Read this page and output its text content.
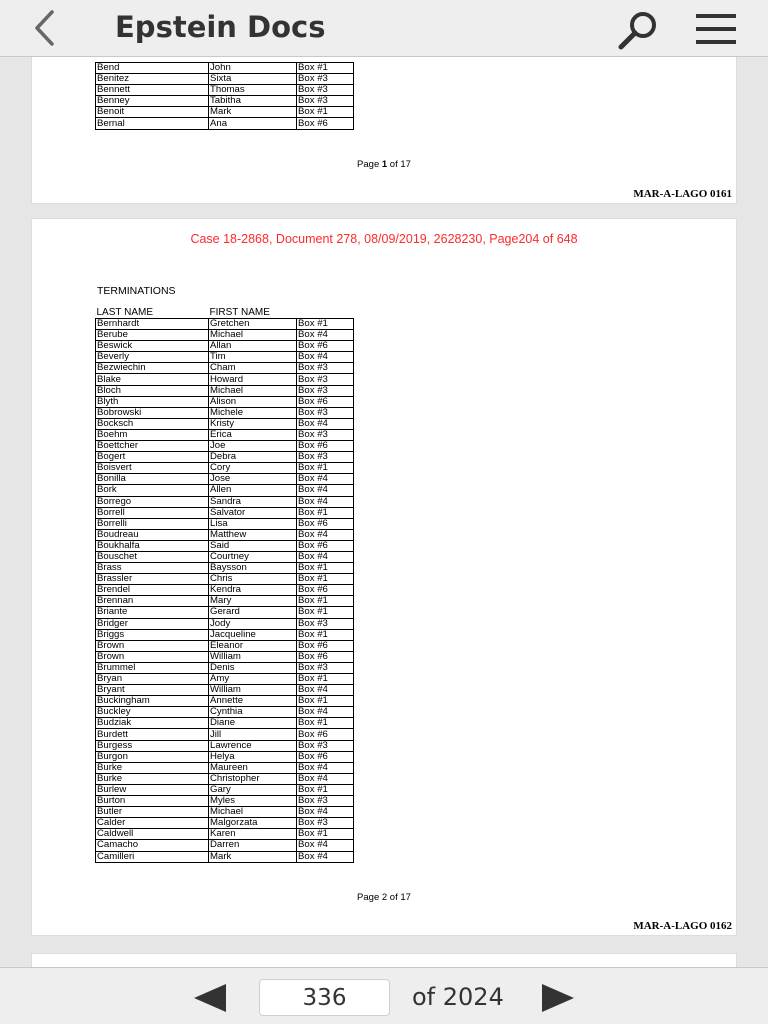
Epstein Docs
Bend	John	Box #1
Benitez	Sixta	Box #3
Bennett	Thomas	Box #3
Benney	Tabitha	Box #3
Benoit	Mark	Box #1
Bernal	Ana	Box #6
Page 1 of 17
MAR-A-LAGO 0161
Case 18-2868, Document 278, 08/09/2019, 2628230, Page204 of 648
TERMINATIONS
LAST NAME	FIRST NAME	
Bernhardt	Gretchen	Box #1
Berube	Michael	Box #4
Beswick	Allan	Box #6
Beverly	Tim	Box #4
Bezwiechin	Cham	Box #3
Blake	Howard	Box #3
Bloch	Michael	Box #3
Blyth	Alison	Box #6
Bobrowski	Michele	Box #3
Bocksch	Kristy	Box #4
Boehm	Erica	Box #3
Boettcher	Joe	Box #6
Bogert	Debra	Box #3
Boisvert	Cory	Box #1
Bonilla	Jose	Box #4
Bork	Allen	Box #4
Borrego	Sandra	Box #4
Borrell	Salvator	Box #1
Borrelli	Lisa	Box #6
Boudreau	Matthew	Box #4
Boukhalfa	Said	Box #6
Bouschet	Courtney	Box #4
Brass	Baysson	Box #1
Brassler	Chris	Box #1
Brendel	Kendra	Box #6
Brennan	Mary	Box #1
Briante	Gerard	Box #1
Bridger	Jody	Box #3
Briggs	Jacqueline	Box #1
Brown	Eleanor	Box #6
Brown	William	Box #6
Brummel	Denis	Box #3
Bryan	Amy	Box #1
Bryant	William	Box #4
Buckingham	Annette	Box #1
Buckley	Cynthia	Box #4
Budziak	Diane	Box #1
Burdett	Jill	Box #6
Burgess	Lawrence	Box #3
Burgon	Helya	Box #6
Burke	Maureen	Box #4
Burke	Christopher	Box #4
Burlew	Gary	Box #1
Burton	Myles	Box #3
Butler	Michael	Box #4
Calder	Malgorzata	Box #3
Caldwell	Karen	Box #1
Camacho	Darren	Box #4
Camilleri	Mark	Box #4
Page 2 of 17
MAR-A-LAGO 0162
336
of 2024
